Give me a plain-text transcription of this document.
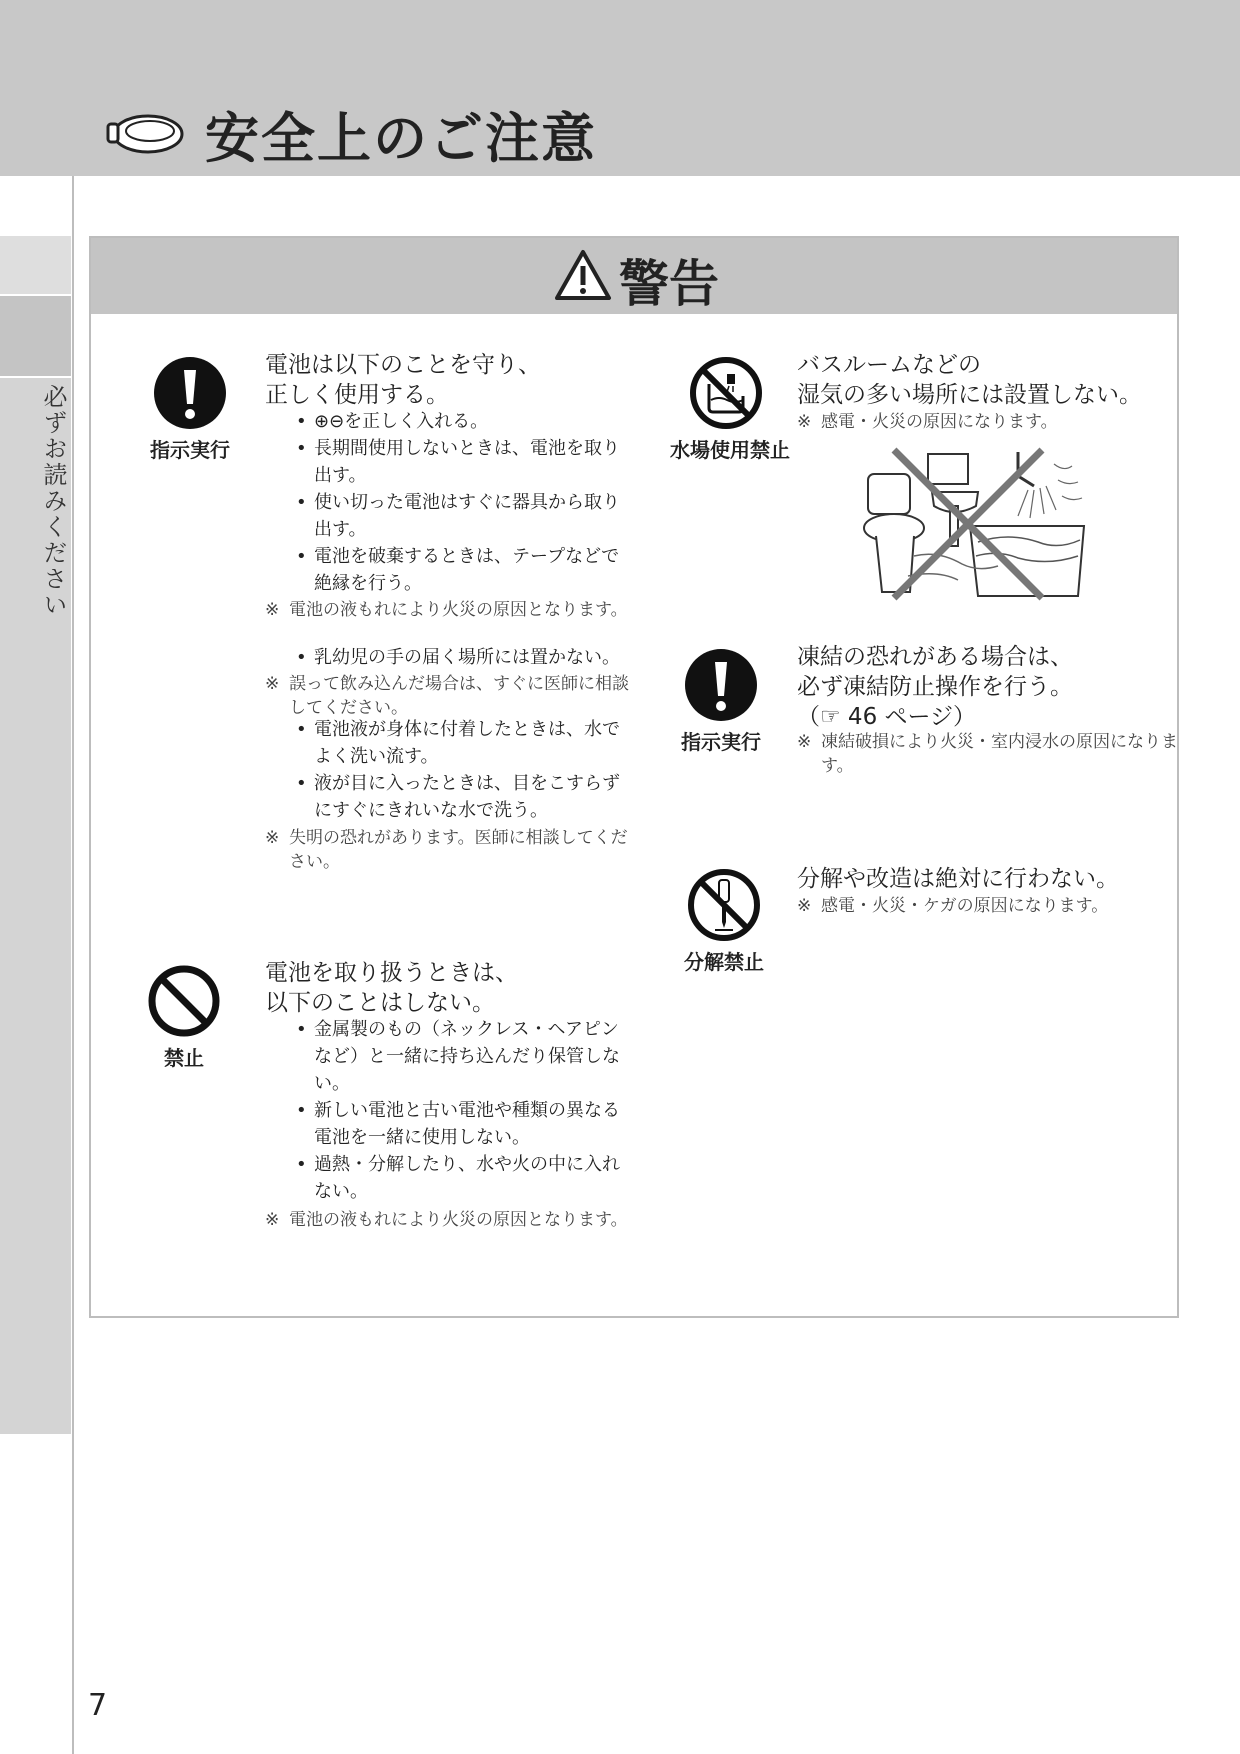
安全上のご注意
必ずお読みください
警告
指示実行
電池は以下のことを守り、
正しく使用する。
• ⊕⊖を正しく入れる。
• 長期間使用しないときは、電池を取り出す。
• 使い切った電池はすぐに器具から取り出す。
• 電池を破棄するときは、テープなどで絶縁を行う。
※ 電池の液もれにより火災の原因となります。
• 乳幼児の手の届く場所には置かない。
※ 誤って飲み込んだ場合は、すぐに医師に相談してください。
• 電池液が身体に付着したときは、水でよく洗い流す。
• 液が目に入ったときは、目をこすらずにすぐにきれいな水で洗う。
※ 失明の恐れがあります。医師に相談してください。
禁止
電池を取り扱うときは、
以下のことはしない。
• 金属製のもの（ネックレス・ヘアピンなど）と一緒に持ち込んだり保管しない。
• 新しい電池と古い電池や種類の異なる電池を一緒に使用しない。
• 過熱・分解したり、水や火の中に入れない。
※ 電池の液もれにより火災の原因となります。
水場使用禁止
バスルームなどの
湿気の多い場所には設置しない。
※ 感電・火災の原因になります。
指示実行
凍結の恐れがある場合は、
必ず凍結防止操作を行う。
（☞ 46 ページ）
※ 凍結破損により火災・室内浸水の原因になります。
分解禁止
分解や改造は絶対に行わない。
※ 感電・火災・ケガの原因になります。
7
